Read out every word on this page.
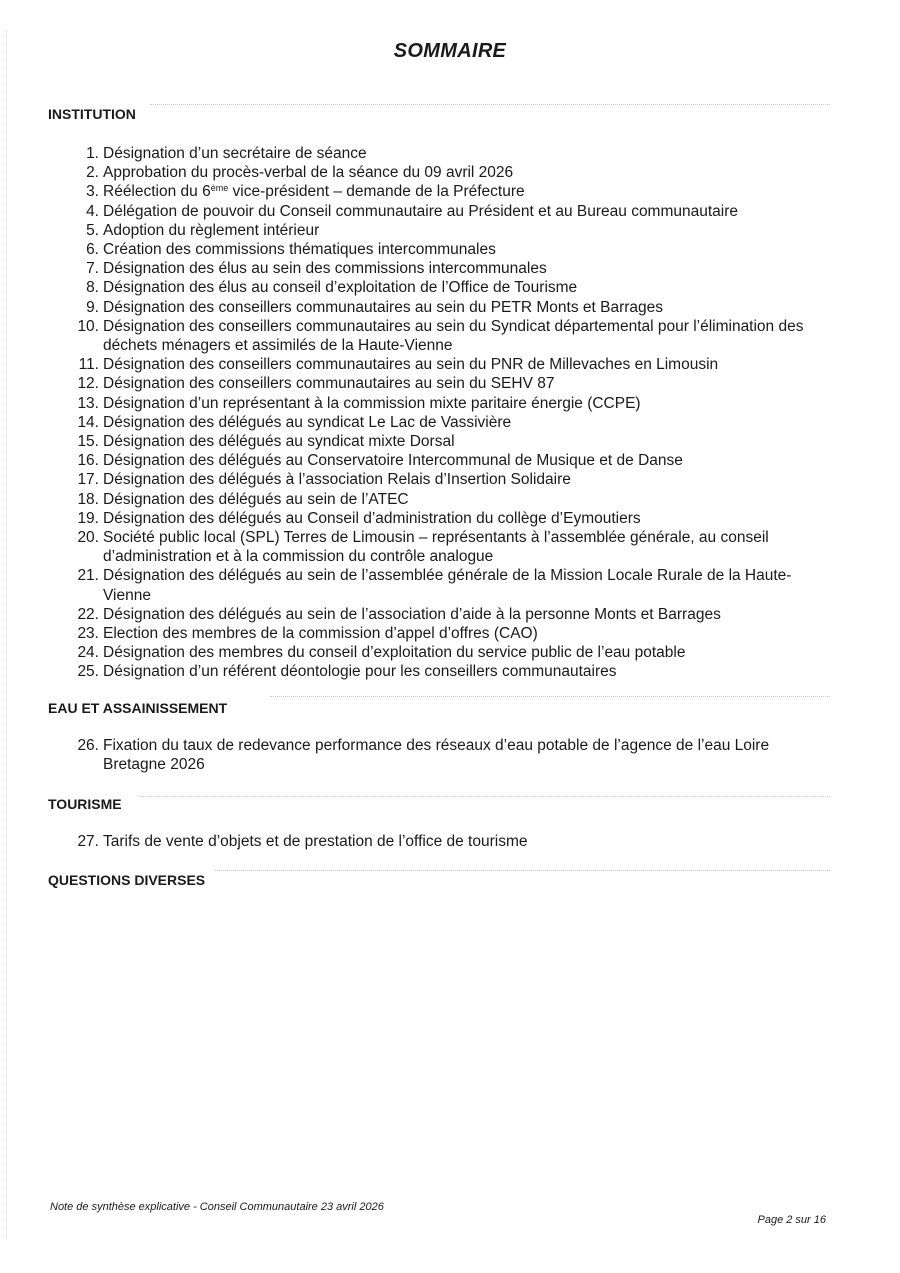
SOMMAIRE
INSTITUTION
1. Désignation d’un secrétaire de séance
2. Approbation du procès-verbal de la séance du 09 avril 2026
3. Réélection du 6ème vice-président – demande de la Préfecture
4. Délégation de pouvoir du Conseil communautaire au Président et au Bureau communautaire
5. Adoption du règlement intérieur
6. Création des commissions thématiques intercommunales
7. Désignation des élus au sein des commissions intercommunales
8. Désignation des élus au conseil d’exploitation de l’Office de Tourisme
9. Désignation des conseillers communautaires au sein du PETR Monts et Barrages
10. Désignation des conseillers communautaires au sein du Syndicat départemental pour l’élimination des déchets ménagers et assimilés de la Haute-Vienne
11. Désignation des conseillers communautaires au sein du PNR de Millevaches en Limousin
12. Désignation des conseillers communautaires au sein du SEHV 87
13. Désignation d’un représentant à la commission mixte paritaire énergie (CCPE)
14. Désignation des délégués au syndicat Le Lac de Vassivière
15. Désignation des délégués au syndicat mixte Dorsal
16. Désignation des délégués au Conservatoire Intercommunal de Musique et de Danse
17. Désignation des délégués à l’association Relais d’Insertion Solidaire
18. Désignation des délégués au sein de l’ATEC
19. Désignation des délégués au Conseil d’administration du collège d’Eymoutiers
20. Société public local (SPL) Terres de Limousin – représentants à l’assemblée générale, au conseil d’administration et à la commission du contrôle analogue
21. Désignation des délégués au sein de l’assemblée générale de la Mission Locale Rurale de la Haute-Vienne
22. Désignation des délégués au sein de l’association d’aide à la personne Monts et Barrages
23. Election des membres de la commission d’appel d’offres (CAO)
24. Désignation des membres du conseil d’exploitation du service public de l’eau potable
25. Désignation d’un référent déontologie pour les conseillers communautaires
EAU ET ASSAINISSEMENT
26. Fixation du taux de redevance performance des réseaux d’eau potable de l’agence de l’eau Loire Bretagne 2026
TOURISME
27. Tarifs de vente d’objets et de prestation de l’office de tourisme
QUESTIONS DIVERSES
Note de synthèse explicative - Conseil Communautaire 23 avril 2026
Page 2 sur 16
